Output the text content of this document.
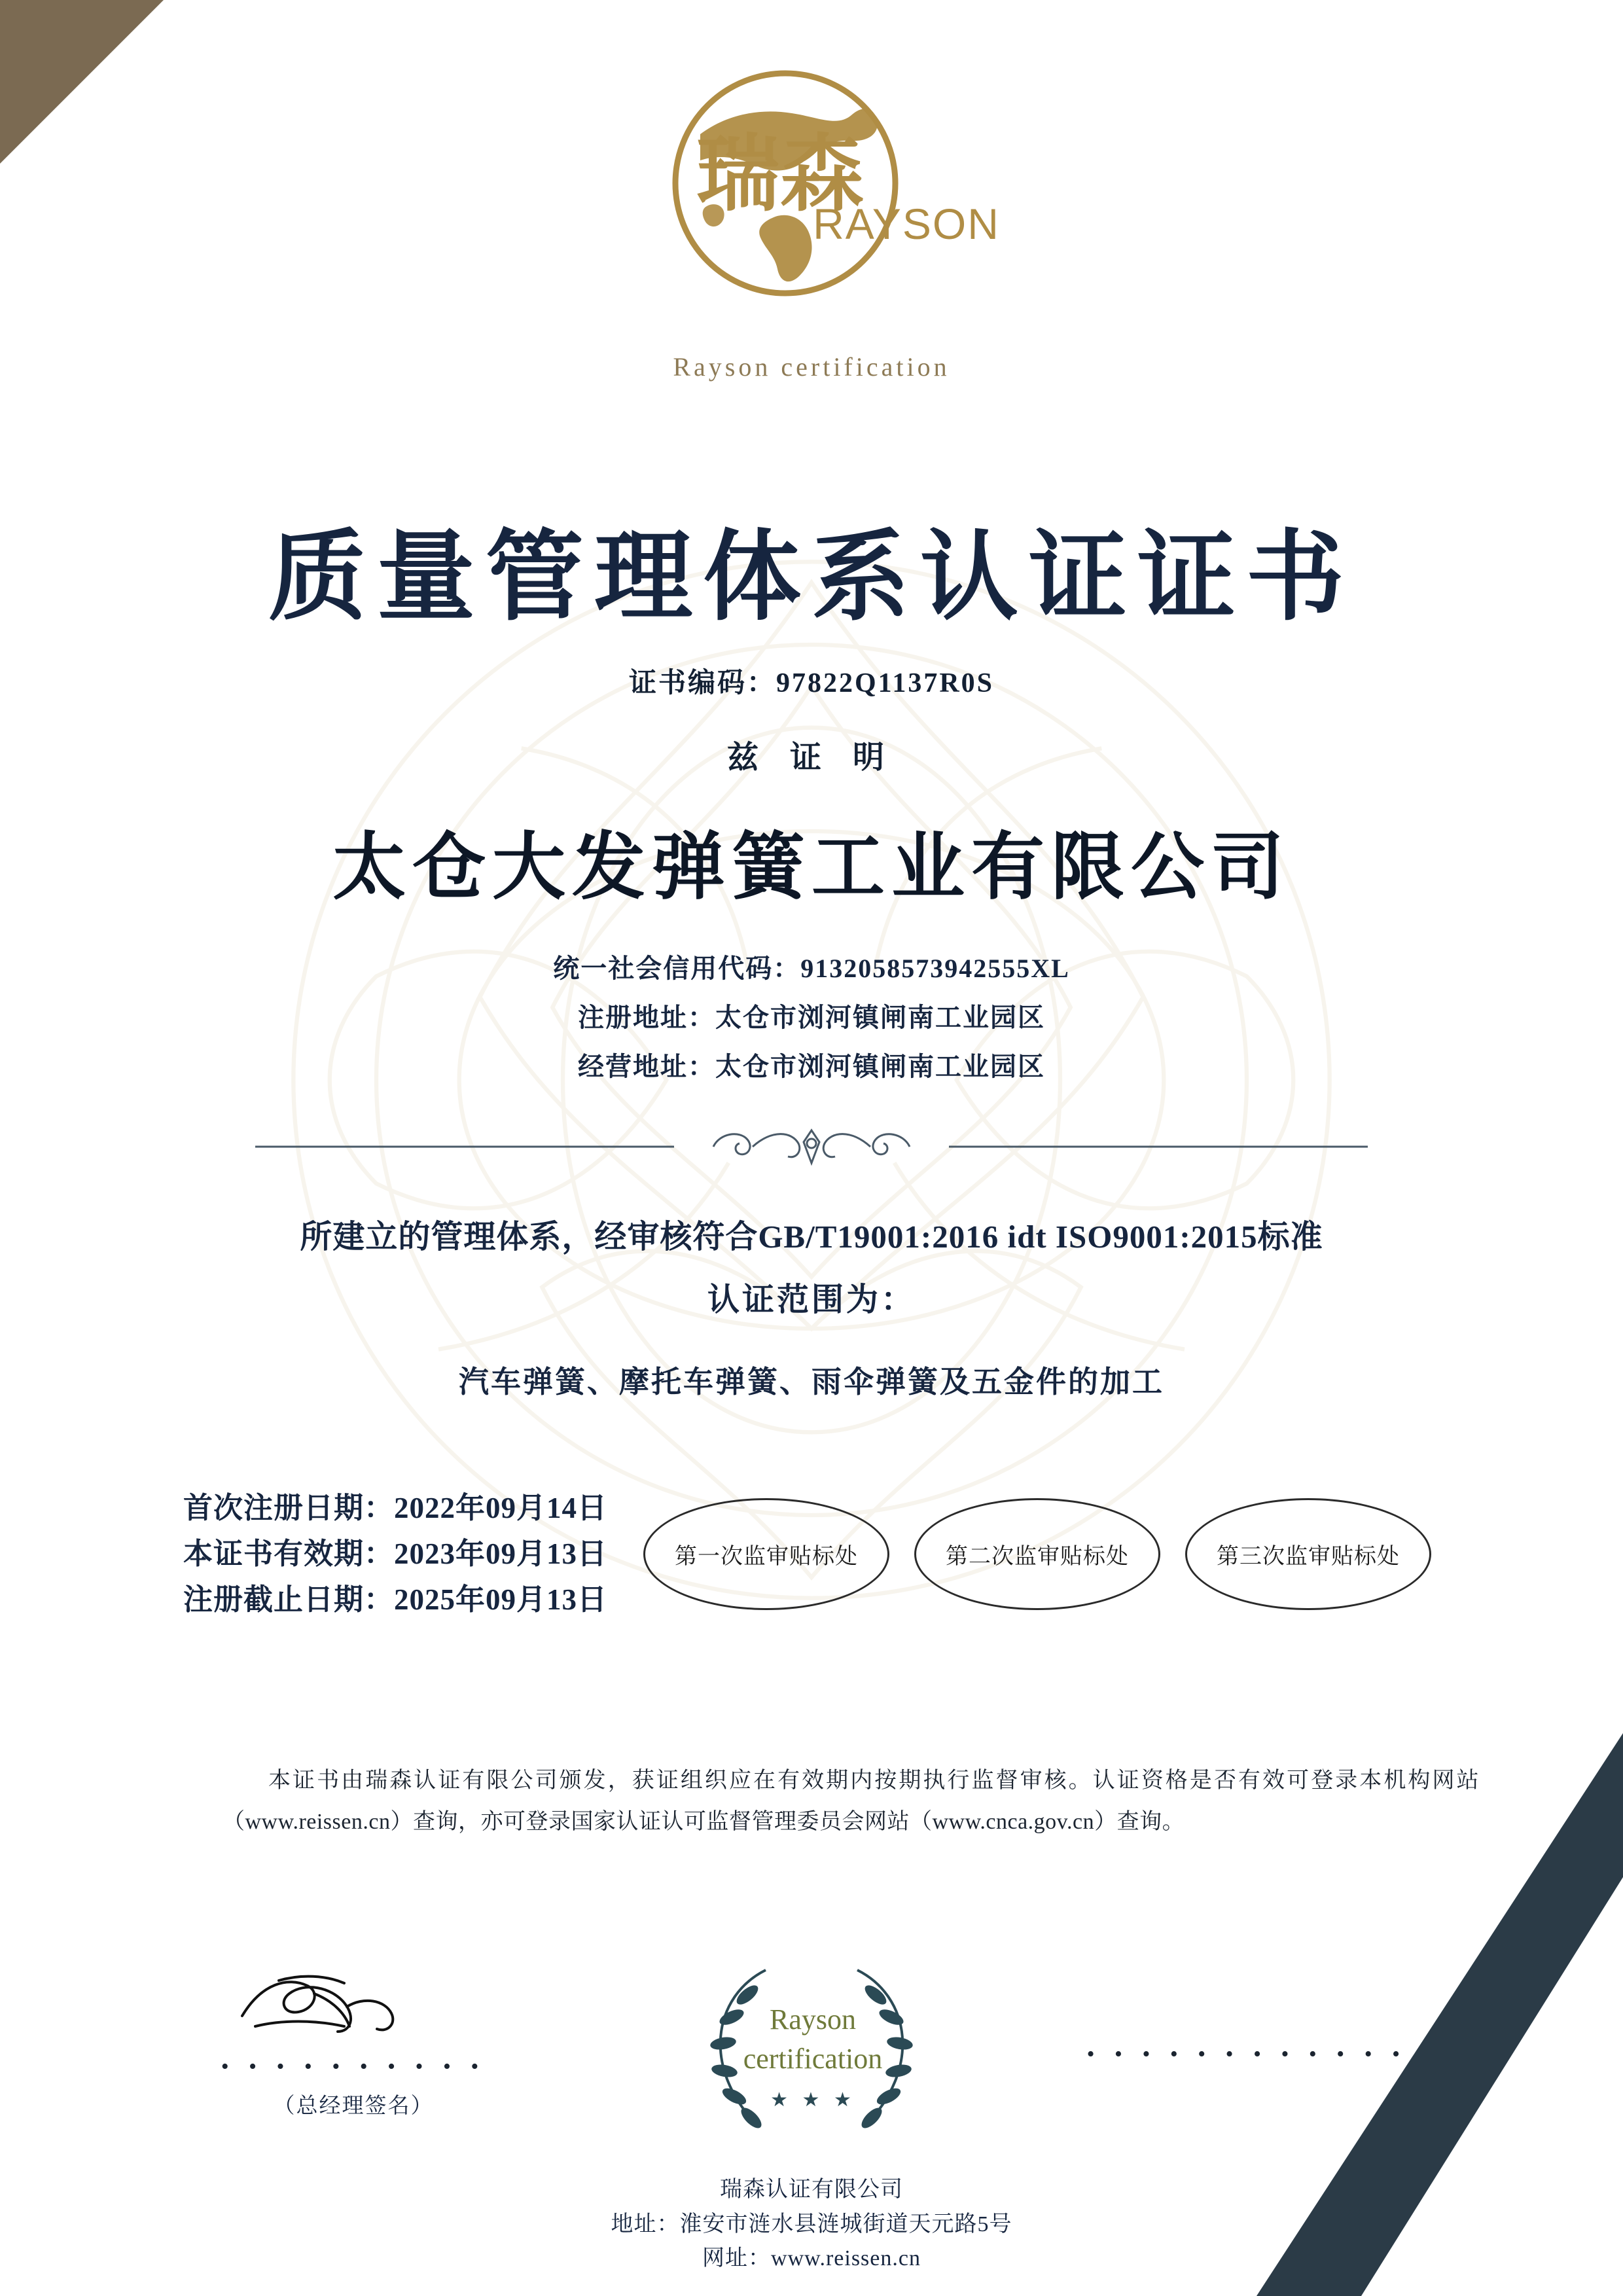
瑞森
RAYSON
Rayson certification
质量管理体系认证证书
证书编码：97822Q1137R0S
兹 证 明
太仓大发弹簧工业有限公司
统一社会信用代码：9132058573942555XL
注册地址：太仓市浏河镇闸南工业园区
经营地址：太仓市浏河镇闸南工业园区
所建立的管理体系，经审核符合GB/T19001:2016 idt ISO9001:2015标准
认证范围为：
汽车弹簧、摩托车弹簧、雨伞弹簧及五金件的加工
首次注册日期：2022年09月14日
本证书有效期：2023年09月13日
注册截止日期：2025年09月13日
第一次监审贴标处	第二次监审贴标处	第三次监审贴标处
本证书由瑞森认证有限公司颁发，获证组织应在有效期内按期执行监督审核。认证资格是否有效可登录本机构网站（www.reissen.cn）查询，亦可登录国家认证认可监督管理委员会网站（www.cnca.gov.cn）查询。
• • • • • • • • • •
（总经理签名）
Rayson
certification
★ ★ ★
• • • • • • • • • • • •
瑞森认证有限公司
地址：淮安市涟水县涟城街道天元路5号
网址：www.reissen.cn
